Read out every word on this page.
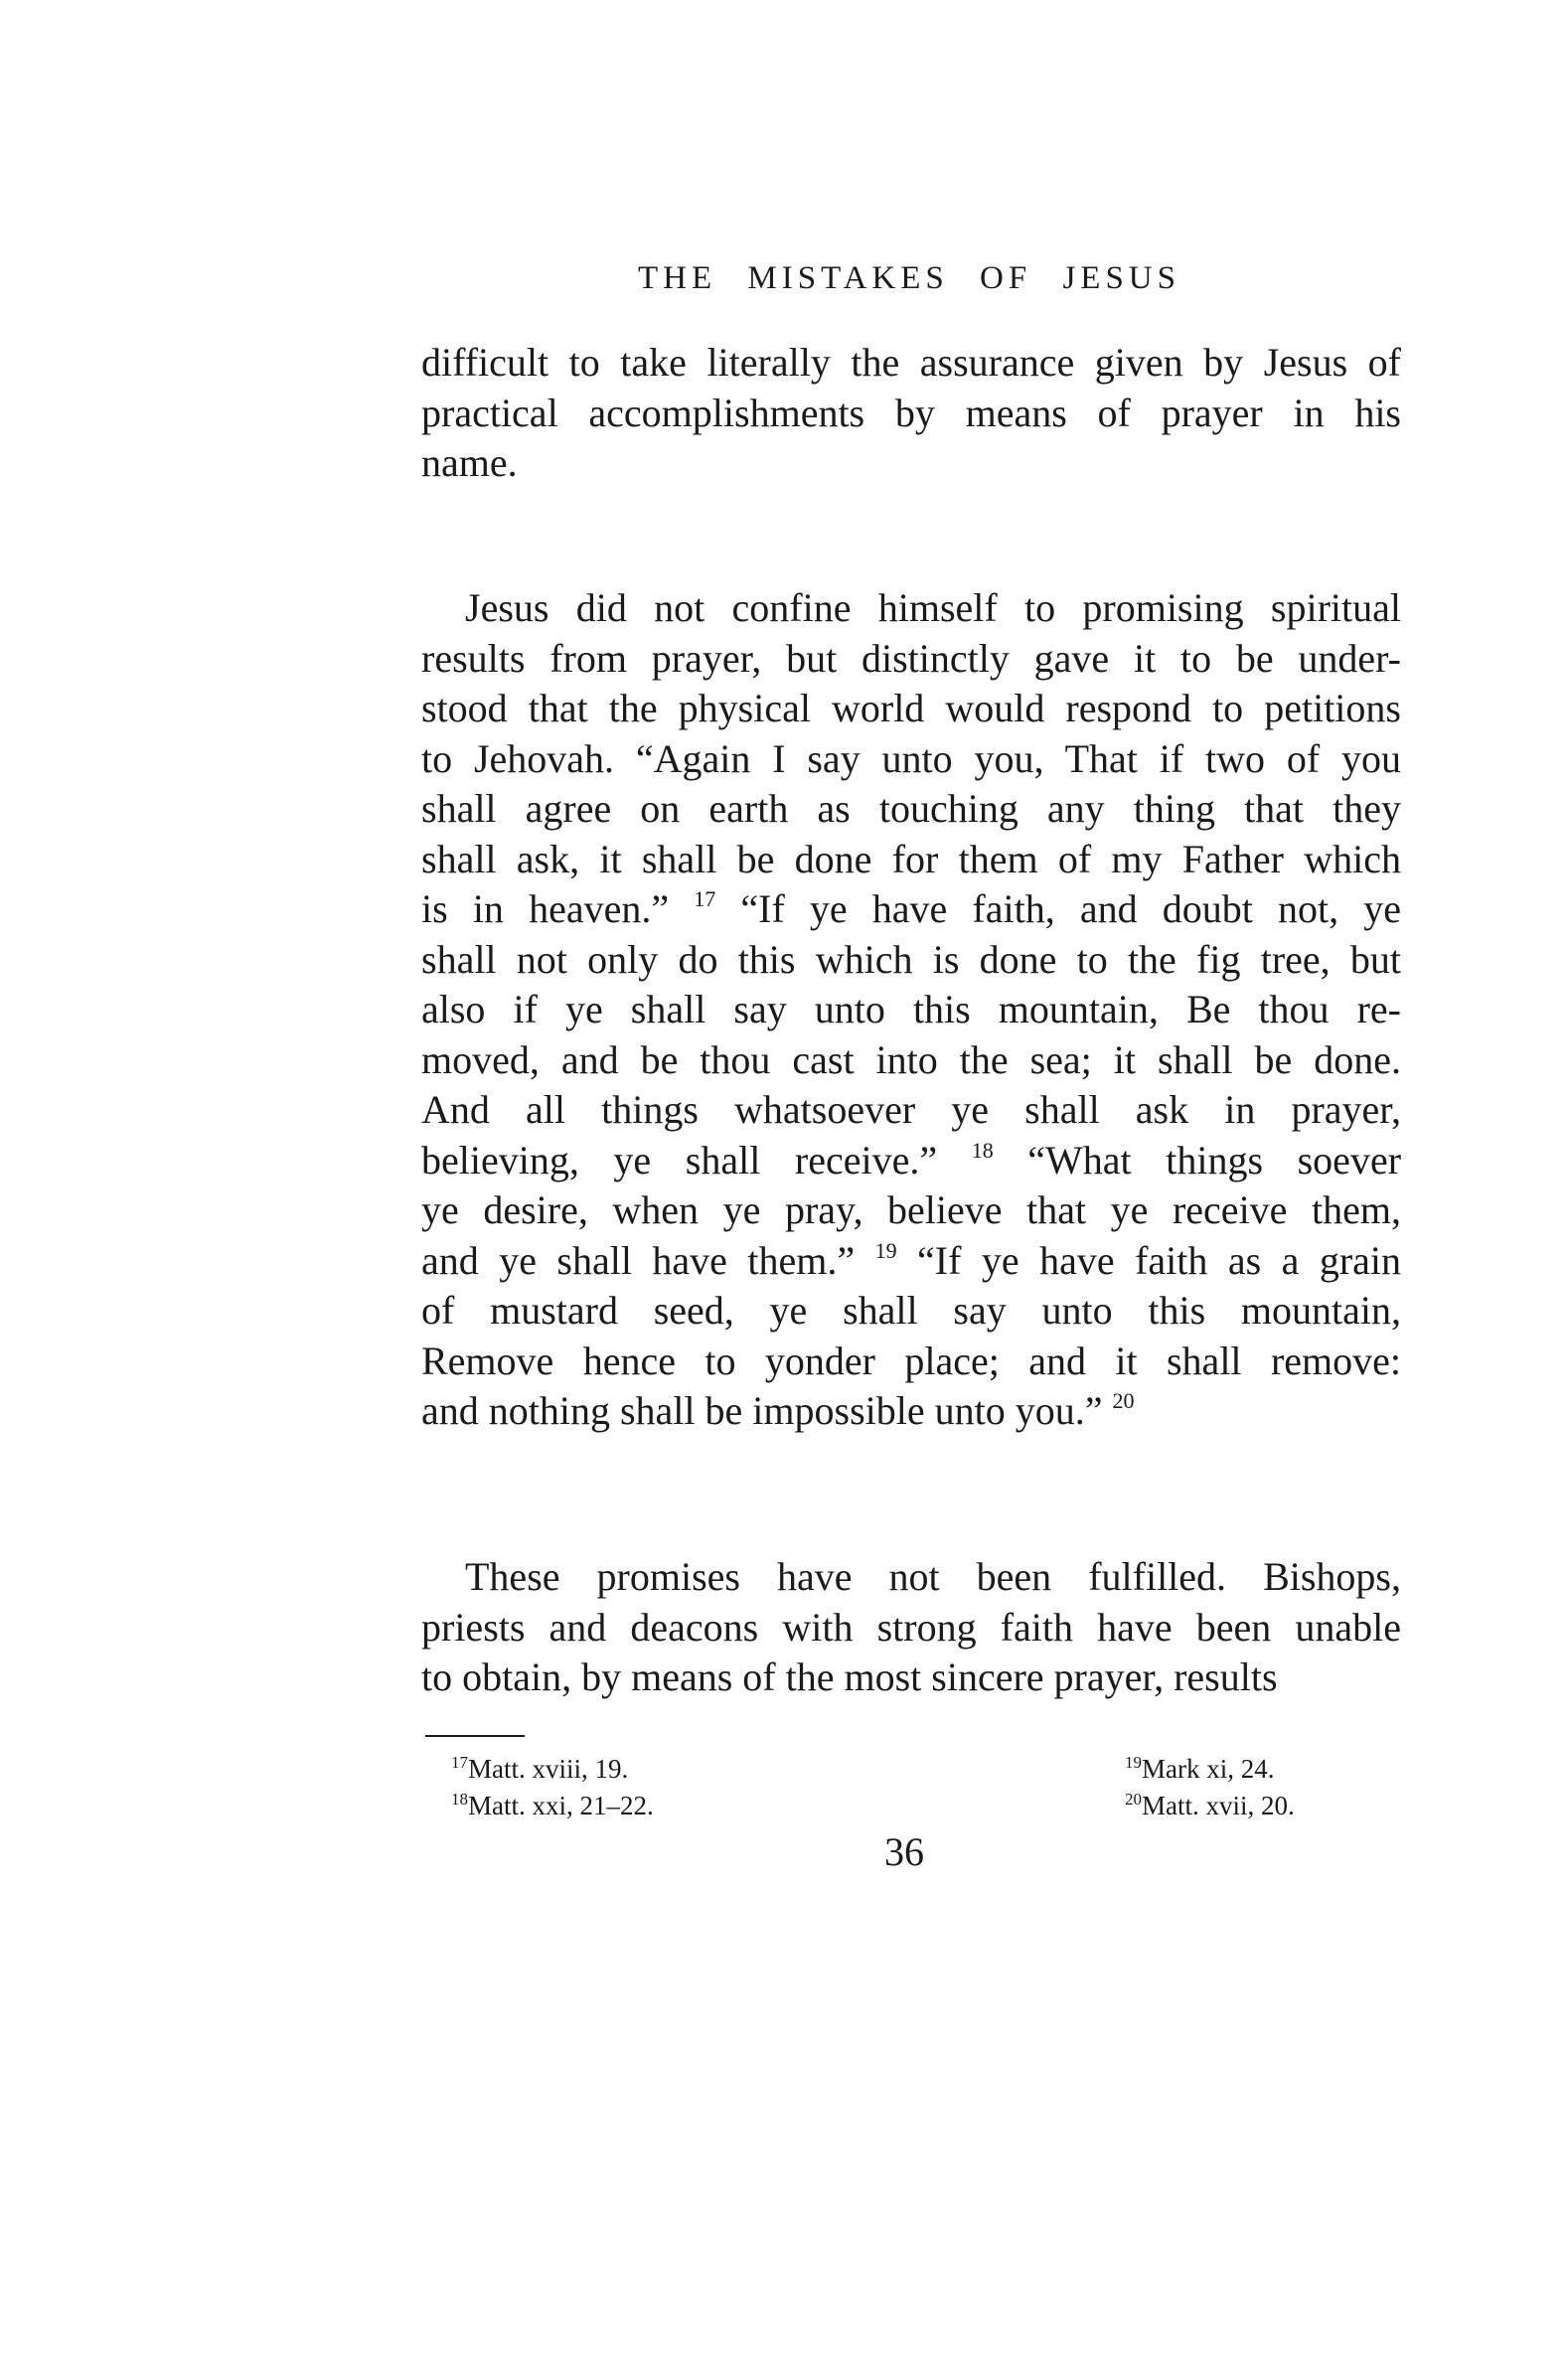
THE MISTAKES OF JESUS

difficult to take literally the assurance given by Jesus of
practical accomplishments by means of prayer in his
name.

Jesus did not confine himself to promising spiritual
results from prayer, but distinctly gave it to be under-
stood that the physical world would respond to petitions
to Jehovah. “Again I say unto you, That if two of you
shall agree on earth as touching any thing that they
shall ask, it shall be done for them of my Father which
is in heaven.” $^{17}$ “If ye have faith, and doubt not, ye
shall not only do this which is done to the fig tree, but
also if ye shall say unto this mountain, Be thou re-
moved, and be thou cast into the sea; it shall be done.
And all things whatsoever ye shall ask in prayer,
believing, ye shall receive.” $^{18}$ “What things soever
ye desire, when ye pray, believe that ye receive them,
and ye shall have them.” $^{19}$ “If ye have faith as a grain
of mustard seed, ye shall say unto this mountain,
Remove hence to yonder place; and it shall remove:
and nothing shall be impossible unto you.” $^{20}$

These promises have not been fulfilled. Bishops,
priests and deacons with strong faith have been unable
to obtain, by means of the most sincere prayer, results

$^{17}$Matt. xviii, 19.
$^{18}$Matt. xxi, 21–22.
$^{19}$Mark xi, 24.
$^{20}$Matt. xvii, 20.
36
